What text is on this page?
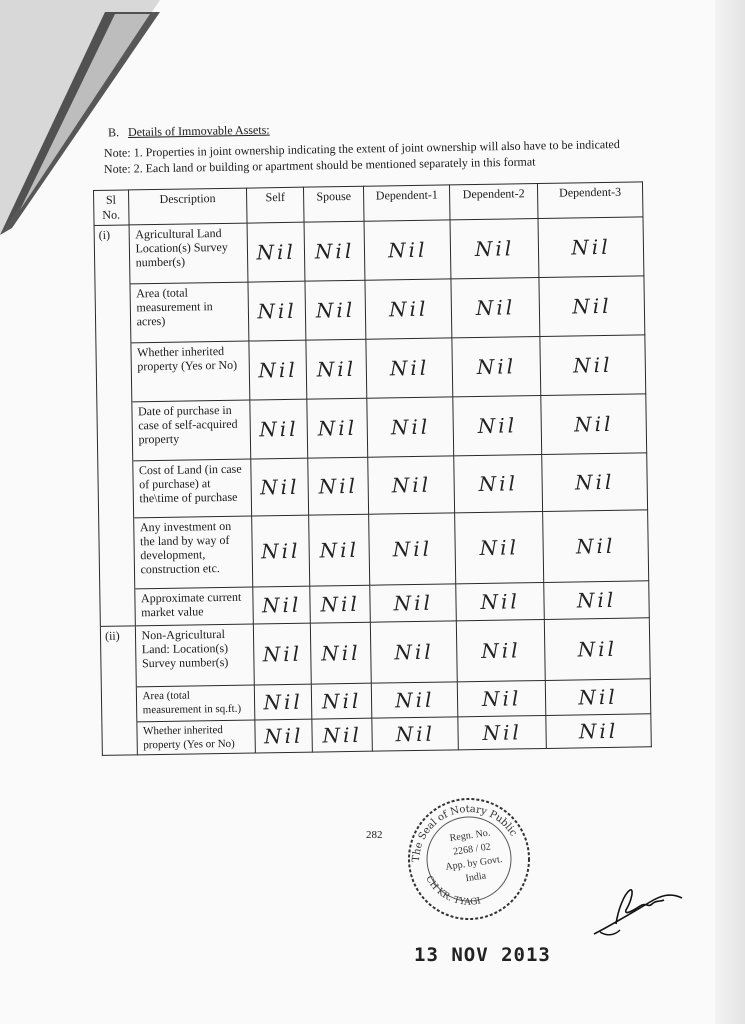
B. Details of Immovable Assets:
Note: 1. Properties in joint ownership indicating the extent of joint ownership will also have to be indicated
Note: 2. Each land or building or apartment should be mentioned separately in this format
Sl No.	Description	Self	Spouse	Dependent-1	Dependent-2	Dependent-3
(i)	Agricultural Land Location(s) Survey number(s)	Nil	Nil	Nil	Nil	Nil
	Area (total measurement in acres)	Nil	Nil	Nil	Nil	Nil
	Whether inherited property (Yes or No)	Nil	Nil	Nil	Nil	Nil
	Date of purchase in case of self-acquired property	Nil	Nil	Nil	Nil	Nil
	Cost of Land (in case of purchase) at the\time of purchase	Nil	Nil	Nil	Nil	Nil
	Any investment on the land by way of development, construction etc.	Nil	Nil	Nil	Nil	Nil
	Approximate current market value	Nil	Nil	Nil	Nil	Nil
(ii)	Non-Agricultural Land: Location(s) Survey number(s)	Nil	Nil	Nil	Nil	Nil
	Area (total measurement in sq.ft.)	Nil	Nil	Nil	Nil	Nil
	Whether inherited property (Yes or No)	Nil	Nil	Nil	Nil	Nil
282
The Seal of Notary Public
CH KR. TYAGI
Regn. No.
2268 / 02
App. by Govt.
India
13 NOV 2013
